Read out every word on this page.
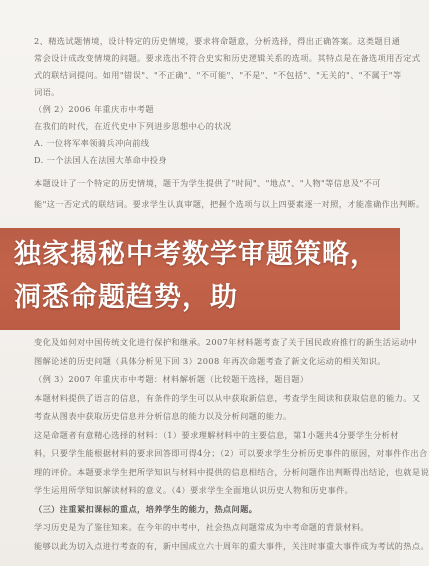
2、精选试题情境，设计特定的历史情境，要求将命题意，分析选择，得出正确答案。这类题目通
常会设计成改变情境的问题。要求选出不符合史实和历史逻辑关系的选项。其特点是在备选项用否定式
式的联结词提问。如用"错误"、"不正确"、"不可能"、"不是"、"不包括"、"无关的"、"不属于"等
词语。
（例 2）2006 年重庆市中考题
在我们的时代，在近代史中下列进步思想中心的状况
A. 一位将军率领骑兵冲向前线
D. 一个法国人在法国大革命中投身
本题设计了一个特定的历史情境，题干为学生提供了"时间"、"地点"、"人物"等信息及"不可
能"这一否定式的联结词。要求学生认真审题，把握个选项与以上四要素逐一对照，才能准确作出判断。
变化及如何对中国传统文化进行保护和继承。2007年材料题考查了关于国民政府推行的新生活运动中
图解论述的历史问题（具体分析见下回 3）2008 年再次命题考查了新文化运动的相关知识。
（例 3）2007 年重庆市中考题：材料解析题（比较题干选择，题目题）
本题材料提供了语言的信息，有条件的学生可以从中获取新信息，考查学生阅读和获取信息的能力。又
考查从图表中获取历史信息并分析信息的能力以及分析问题的能力。
这是命题者有意精心选择的材料：（1）要求理解材料中的主要信息，第1小题共4分要学生分析材
料，只要学生能根据材料的要求回答即可得4分；（2）可以要求学生分析历史事件的原因，对事件作出合
理的评价。本题要求学生把所学知识与材料中提供的信息相结合，分析问题作出判断得出结论，也就是说
学生运用所学知识解读材料的意义。（4）要求学生全面地认识历史人物和历史事件。
（三）注重紧扣课标的重点，培养学生的能力，热点问题。
学习历史是为了鉴往知来。在今年的中考中，社会热点问题常成为中考命题的背景材料。
能够以此为切入点进行考查的有，新中国成立六十周年的重大事件，关注时事重大事件成为考试的热点。
独家揭秘中考数学审题策略，洞悉命题趋势，助
